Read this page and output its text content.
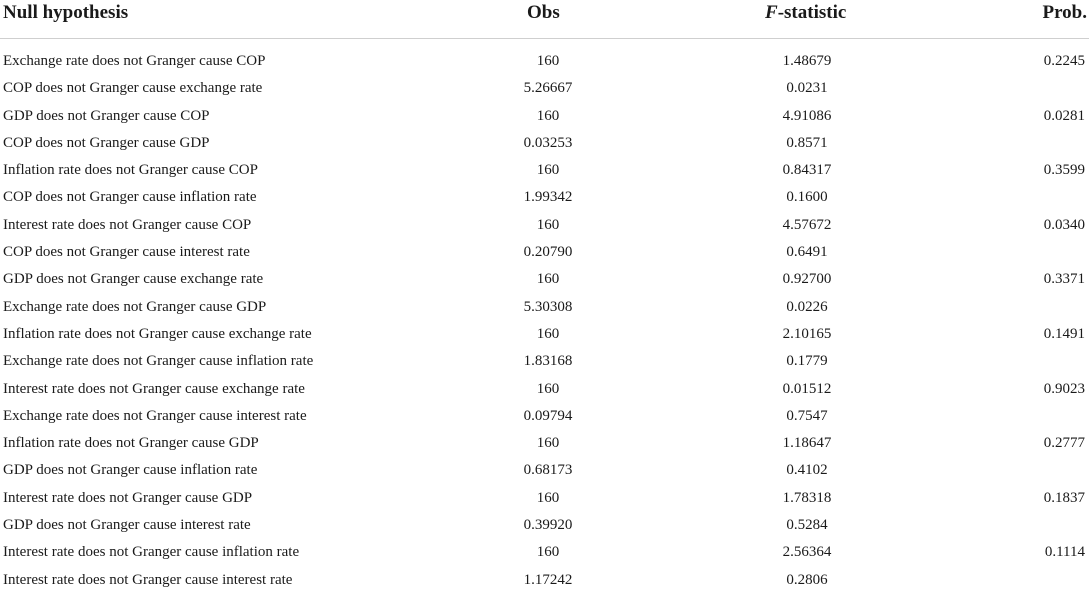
Null hypothesis	Obs	F-statistic	Prob.
Exchange rate does not Granger cause COP	160	1.48679	0.2245
COP does not Granger cause exchange rate	5.26667	0.0231
GDP does not Granger cause COP	160	4.91086	0.0281
COP does not Granger cause GDP	0.03253	0.8571
Inflation rate does not Granger cause COP	160	0.84317	0.3599
COP does not Granger cause inflation rate	1.99342	0.1600
Interest rate does not Granger cause COP	160	4.57672	0.0340
COP does not Granger cause interest rate	0.20790	0.6491
GDP does not Granger cause exchange rate	160	0.92700	0.3371
Exchange rate does not Granger cause GDP	5.30308	0.0226
Inflation rate does not Granger cause exchange rate	160	2.10165	0.1491
Exchange rate does not Granger cause inflation rate	1.83168	0.1779
Interest rate does not Granger cause exchange rate	160	0.01512	0.9023
Exchange rate does not Granger cause interest rate	0.09794	0.7547
Inflation rate does not Granger cause GDP	160	1.18647	0.2777
GDP does not Granger cause inflation rate	0.68173	0.4102
Interest rate does not Granger cause GDP	160	1.78318	0.1837
GDP does not Granger cause interest rate	0.39920	0.5284
Interest rate does not Granger cause inflation rate	160	2.56364	0.1114
Interest rate does not Granger cause interest rate	1.17242	0.2806
